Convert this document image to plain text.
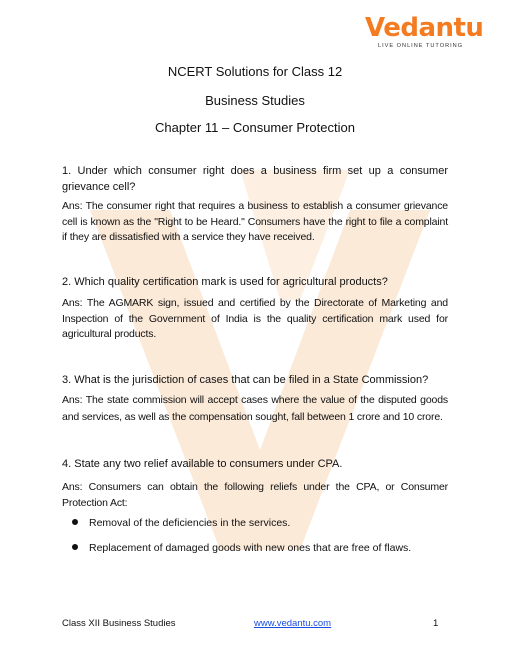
Vedantu
LIVE ONLINE TUTORING
NCERT Solutions for Class 12
Business Studies
Chapter 11 – Consumer Protection

1. Under which consumer right does a business firm set up a consumer grievance cell?

Ans: The consumer right that requires a business to establish a consumer grievance cell is known as the "Right to be Heard." Consumers have the right to file a complaint if they are dissatisfied with a service they have received.

2. Which quality certification mark is used for agricultural products?

Ans: The AGMARK sign, issued and certified by the Directorate of Marketing and Inspection of the Government of India is the quality certification mark used for agricultural products.

3. What is the jurisdiction of cases that can be filed in a State Commission?

Ans: The state commission will accept cases where the value of the disputed goods and services, as well as the compensation sought, fall between 1 crore and 10 crore.

4. State any two relief available to consumers under CPA.

Ans: Consumers can obtain the following reliefs under the CPA, or Consumer Protection Act:

Removal of the deficiencies in the services.
Replacement of damaged goods with new ones that are free of flaws.
Class XII Business Studies	www.vedantu.com	1
